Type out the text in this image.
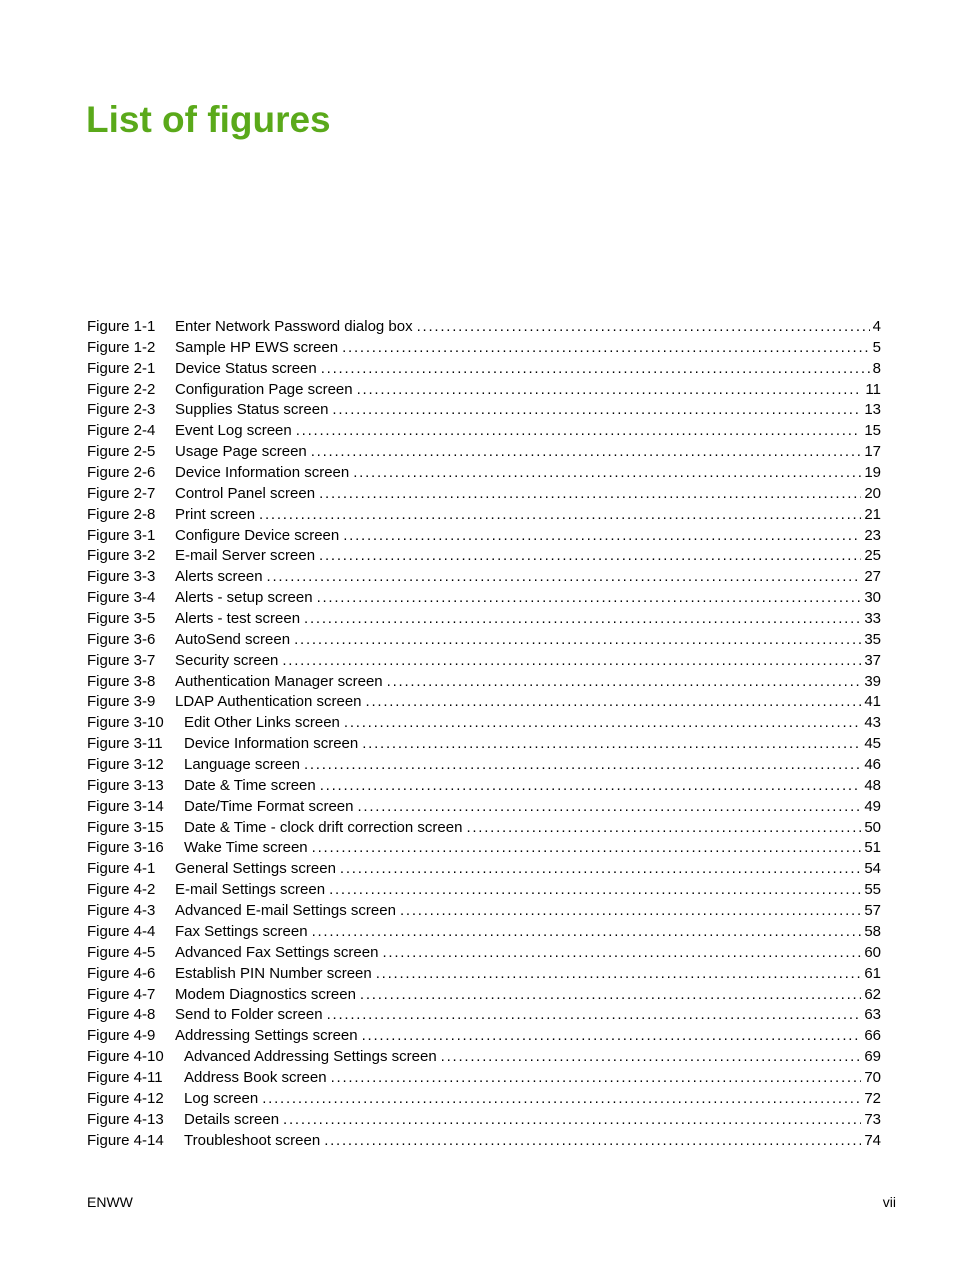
List of figures
Figure 1-1	Enter Network Password dialog box . . .	4
Figure 1-2	Sample HP EWS screen . . .	5
Figure 2-1	Device Status screen . . .	8
Figure 2-2	Configuration Page screen . . .	11
Figure 2-3	Supplies Status screen . . .	13
Figure 2-4	Event Log screen . . .	15
Figure 2-5	Usage Page screen . . .	17
Figure 2-6	Device Information screen . . .	19
Figure 2-7	Control Panel screen . . .	20
Figure 2-8	Print screen . . .	21
Figure 3-1	Configure Device screen . . .	23
Figure 3-2	E-mail Server screen . . .	25
Figure 3-3	Alerts screen . . .	27
Figure 3-4	Alerts - setup screen . . .	30
Figure 3-5	Alerts - test screen . . .	33
Figure 3-6	AutoSend screen . . .	35
Figure 3-7	Security screen . . .	37
Figure 3-8	Authentication Manager screen . . .	39
Figure 3-9	LDAP Authentication screen . . .	41
Figure 3-10	Edit Other Links screen . . .	43
Figure 3-11	Device Information screen . . .	45
Figure 3-12	Language screen . . .	46
Figure 3-13	Date & Time screen . . .	48
Figure 3-14	Date/Time Format screen . . .	49
Figure 3-15	Date & Time - clock drift correction screen . . .	50
Figure 3-16	Wake Time screen . . .	51
Figure 4-1	General Settings screen . . .	54
Figure 4-2	E-mail Settings screen . . .	55
Figure 4-3	Advanced E-mail Settings screen . . .	57
Figure 4-4	Fax Settings screen . . .	58
Figure 4-5	Advanced Fax Settings screen . . .	60
Figure 4-6	Establish PIN Number screen . . .	61
Figure 4-7	Modem Diagnostics screen . . .	62
Figure 4-8	Send to Folder screen . . .	63
Figure 4-9	Addressing Settings screen . . .	66
Figure 4-10	Advanced Addressing Settings screen . . .	69
Figure 4-11	Address Book screen . . .	70
Figure 4-12	Log screen . . .	72
Figure 4-13	Details screen . . .	73
Figure 4-14	Troubleshoot screen . . .	74
ENWW	vii
